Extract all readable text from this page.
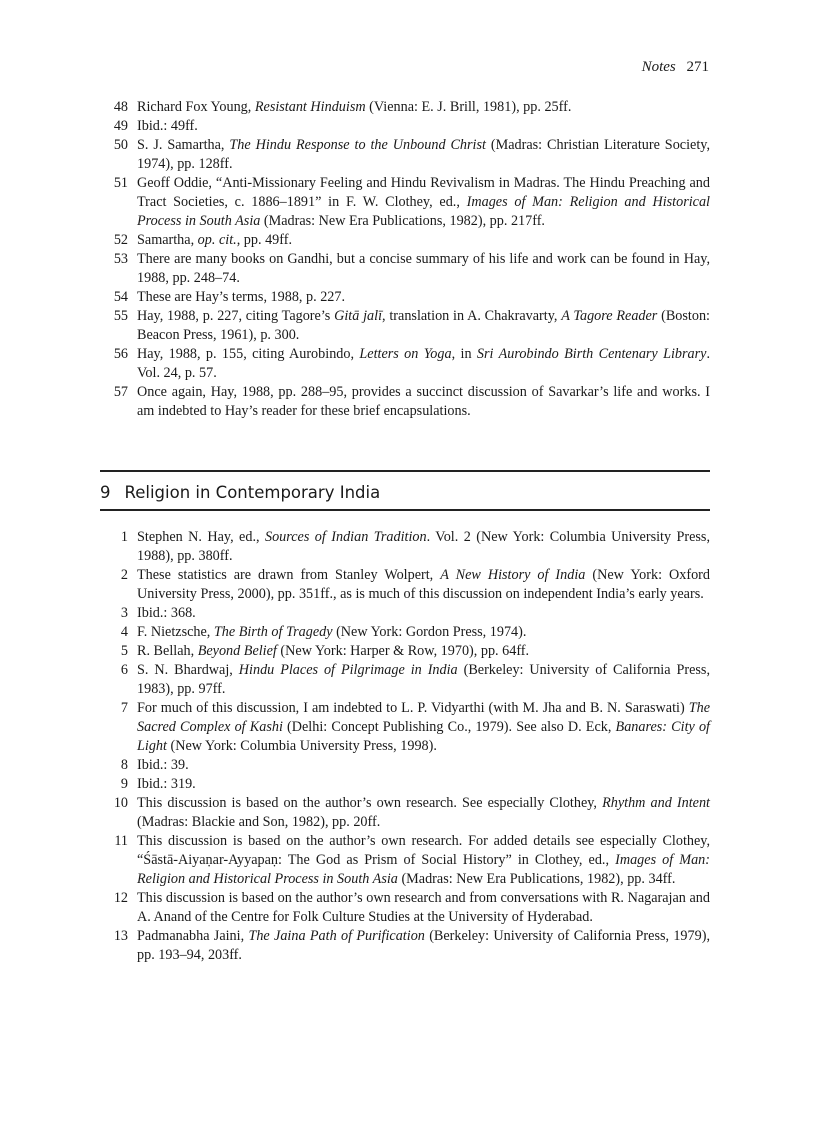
Notes 271
48 Richard Fox Young, Resistant Hinduism (Vienna: E. J. Brill, 1981), pp. 25ff.
49 Ibid.: 49ff.
50 S. J. Samartha, The Hindu Response to the Unbound Christ (Madras: Christian Literature Society, 1974), pp. 128ff.
51 Geoff Oddie, “Anti-Missionary Feeling and Hindu Revivalism in Madras. The Hindu Preaching and Tract Societies, c. 1886–1891” in F. W. Clothey, ed., Images of Man: Religion and Historical Process in South Asia (Madras: New Era Publications, 1982), pp. 217ff.
52 Samartha, op. cit., pp. 49ff.
53 There are many books on Gandhi, but a concise summary of his life and work can be found in Hay, 1988, pp. 248–74.
54 These are Hay’s terms, 1988, p. 227.
55 Hay, 1988, p. 227, citing Tagore’s Gitā jalī, translation in A. Chakravarty, A Tagore Reader (Boston: Beacon Press, 1961), p. 300.
56 Hay, 1988, p. 155, citing Aurobindo, Letters on Yoga, in Sri Aurobindo Birth Centenary Library. Vol. 24, p. 57.
57 Once again, Hay, 1988, pp. 288–95, provides a succinct discussion of Savarkar’s life and works. I am indebted to Hay’s reader for these brief encapsulations.
9 Religion in Contemporary India
1 Stephen N. Hay, ed., Sources of Indian Tradition. Vol. 2 (New York: Columbia University Press, 1988), pp. 380ff.
2 These statistics are drawn from Stanley Wolpert, A New History of India (New York: Oxford University Press, 2000), pp. 351ff., as is much of this discussion on independent India’s early years.
3 Ibid.: 368.
4 F. Nietzsche, The Birth of Tragedy (New York: Gordon Press, 1974).
5 R. Bellah, Beyond Belief (New York: Harper & Row, 1970), pp. 64ff.
6 S. N. Bhardwaj, Hindu Places of Pilgrimage in India (Berkeley: University of California Press, 1983), pp. 97ff.
7 For much of this discussion, I am indebted to L. P. Vidyarthi (with M. Jha and B. N. Saraswati) The Sacred Complex of Kashi (Delhi: Concept Publishing Co., 1979). See also D. Eck, Banares: City of Light (New York: Columbia University Press, 1998).
8 Ibid.: 39.
9 Ibid.: 319.
10 This discussion is based on the author’s own research. See especially Clothey, Rhythm and Intent (Madras: Blackie and Son, 1982), pp. 20ff.
11 This discussion is based on the author’s own research. For added details see especially Clothey, “Śāstā-Aiyaṇar-Ayyapaṇ: The God as Prism of Social History” in Clothey, ed., Images of Man: Religion and Historical Process in South Asia (Madras: New Era Publications, 1982), pp. 34ff.
12 This discussion is based on the author’s own research and from conversations with R. Nagarajan and A. Anand of the Centre for Folk Culture Studies at the University of Hyderabad.
13 Padmanabha Jaini, The Jaina Path of Purification (Berkeley: University of California Press, 1979), pp. 193–94, 203ff.
